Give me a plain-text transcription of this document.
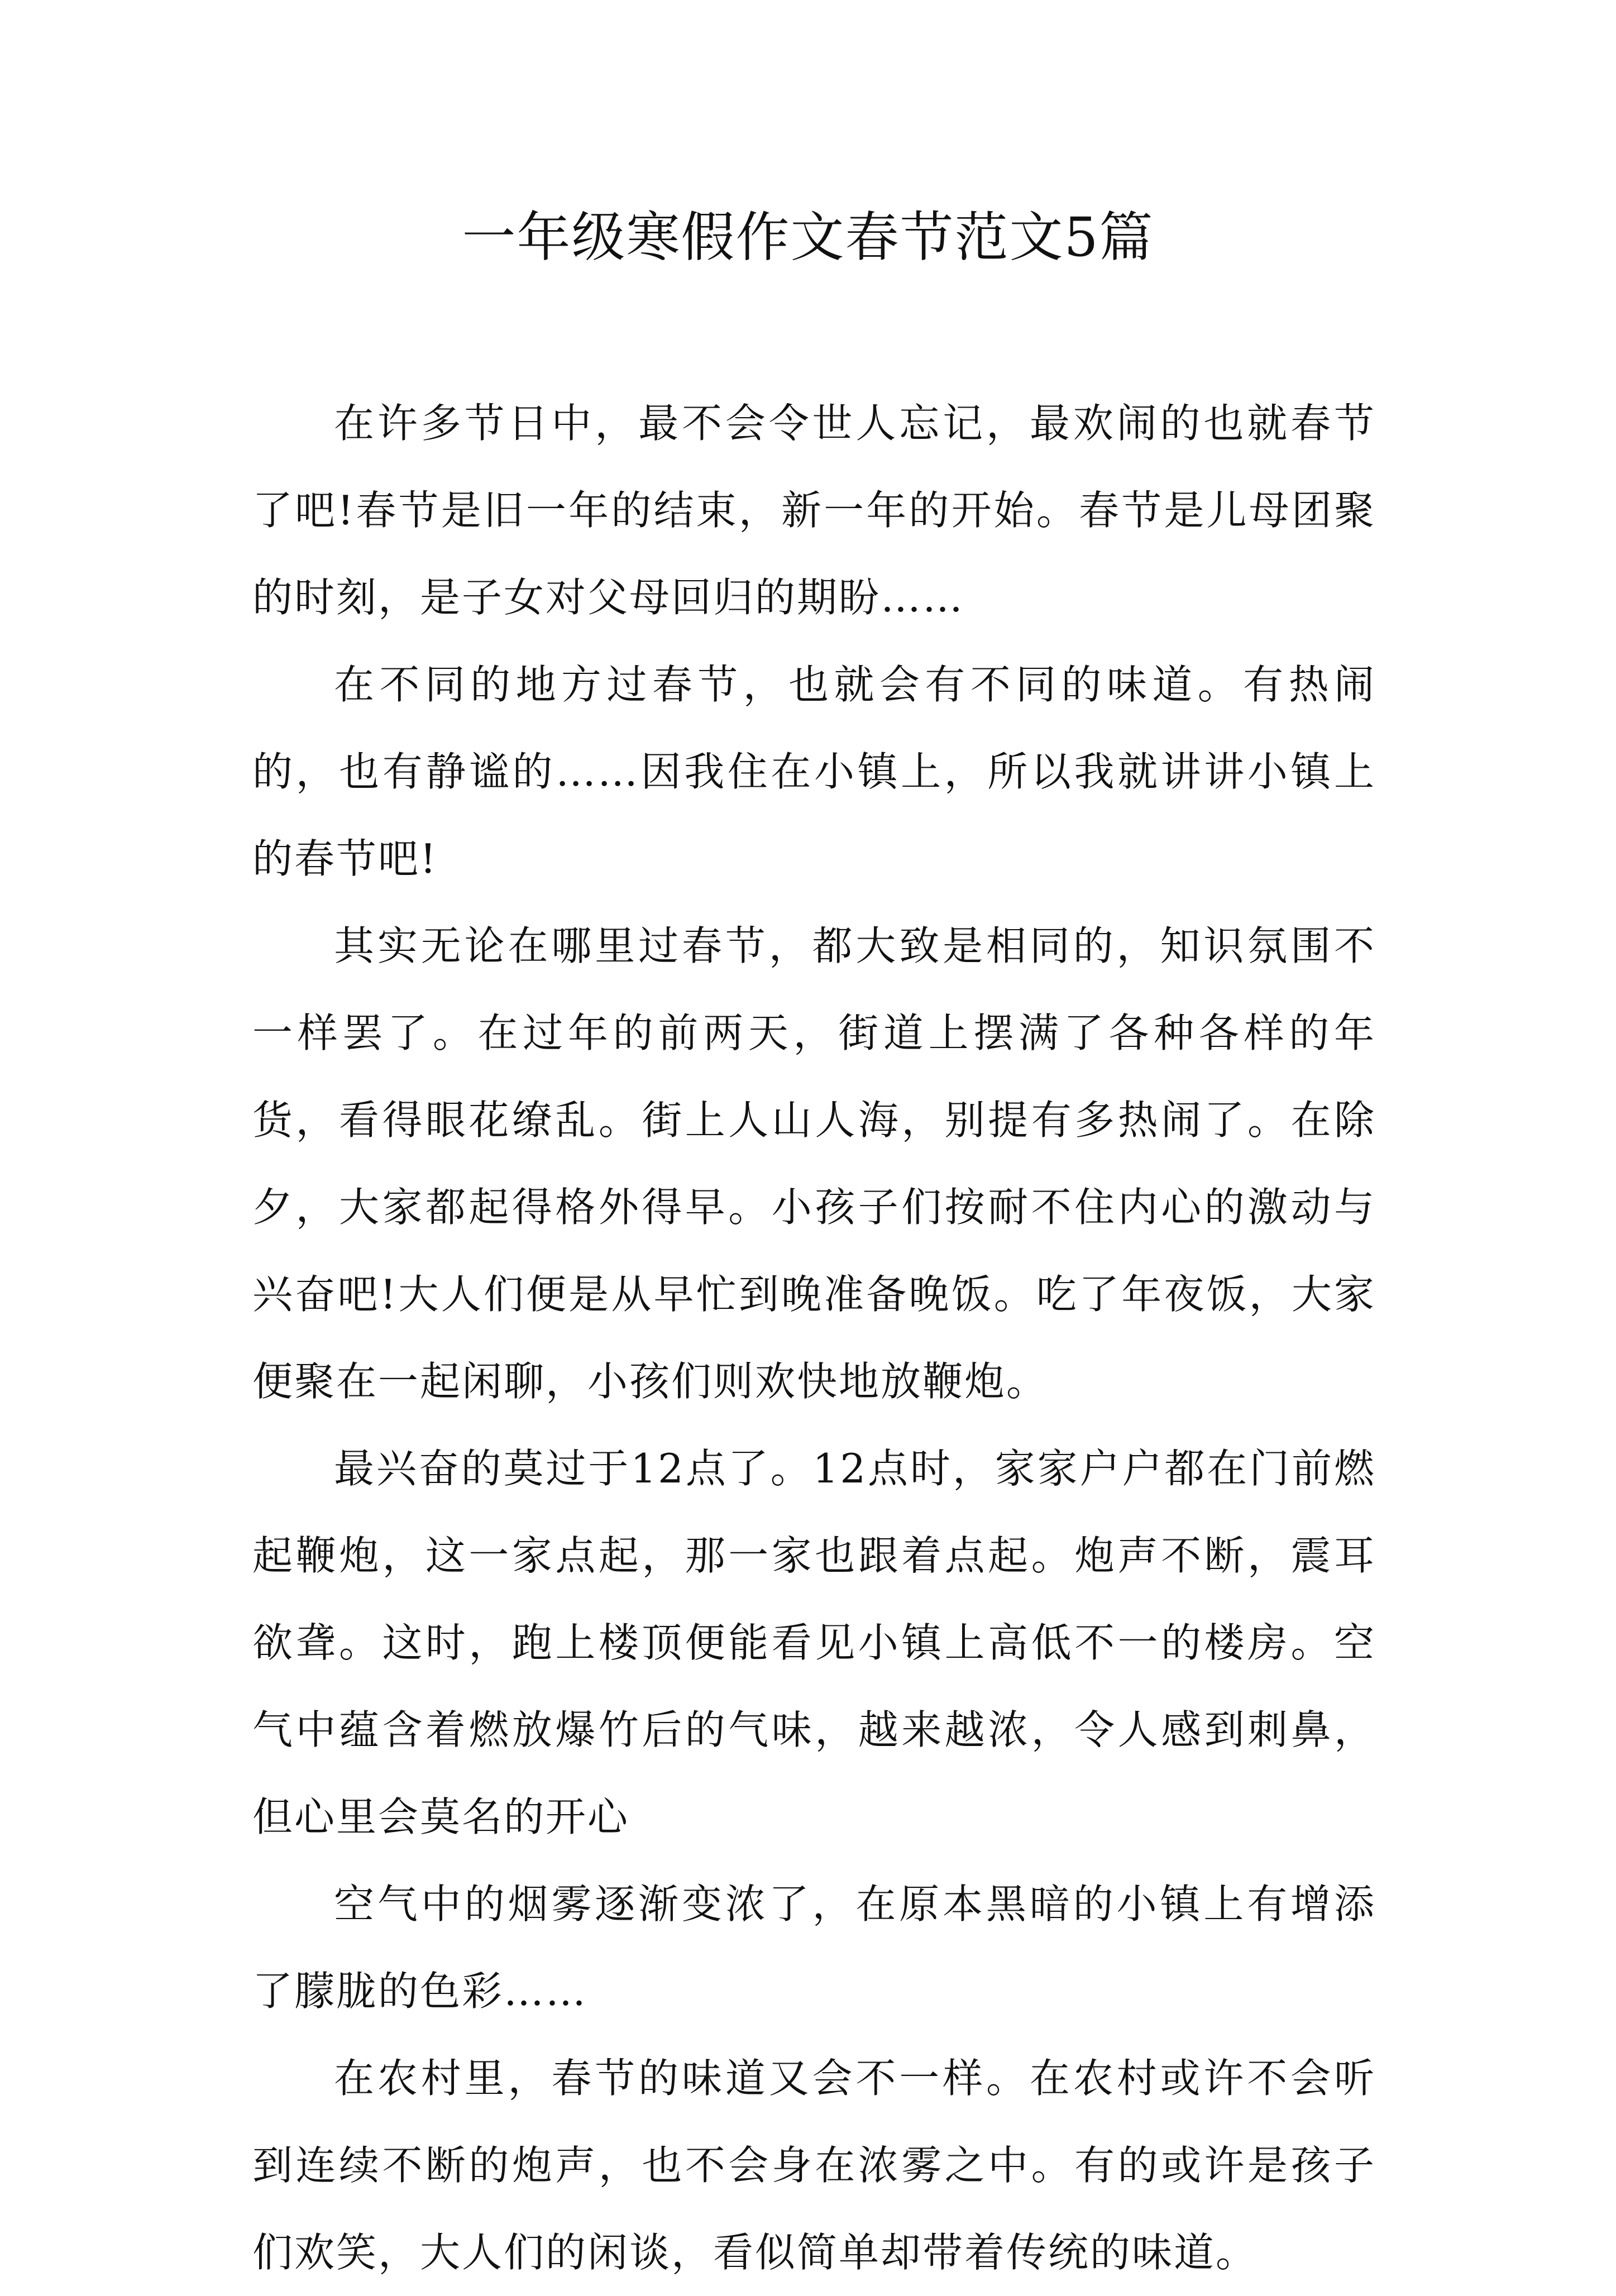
一年级寒假作文春节范文5篇

在许多节日中，最不会令世人忘记，最欢闹的也就春节了吧!春节是旧一年的结束，新一年的开始。春节是儿母团聚的时刻，是子女对父母回归的期盼……

在不同的地方过春节，也就会有不同的味道。有热闹的，也有静谧的……因我住在小镇上，所以我就讲讲小镇上的春节吧!

其实无论在哪里过春节，都大致是相同的，知识氛围不一样罢了。在过年的前两天，街道上摆满了各种各样的年货，看得眼花缭乱。街上人山人海，别提有多热闹了。在除夕，大家都起得格外得早。小孩子们按耐不住内心的激动与兴奋吧!大人们便是从早忙到晚准备晚饭。吃了年夜饭，大家便聚在一起闲聊，小孩们则欢快地放鞭炮。

最兴奋的莫过于12点了。12点时，家家户户都在门前燃起鞭炮，这一家点起，那一家也跟着点起。炮声不断，震耳欲聋。这时，跑上楼顶便能看见小镇上高低不一的楼房。空气中蕴含着燃放爆竹后的气味，越来越浓，令人感到刺鼻，但心里会莫名的开心

空气中的烟雾逐渐变浓了，在原本黑暗的小镇上有增添了朦胧的色彩……

在农村里，春节的味道又会不一样。在农村或许不会听到连续不断的炮声，也不会身在浓雾之中。有的或许是孩子们欢笑，大人们的闲谈，看似简单却带着传统的味道。
